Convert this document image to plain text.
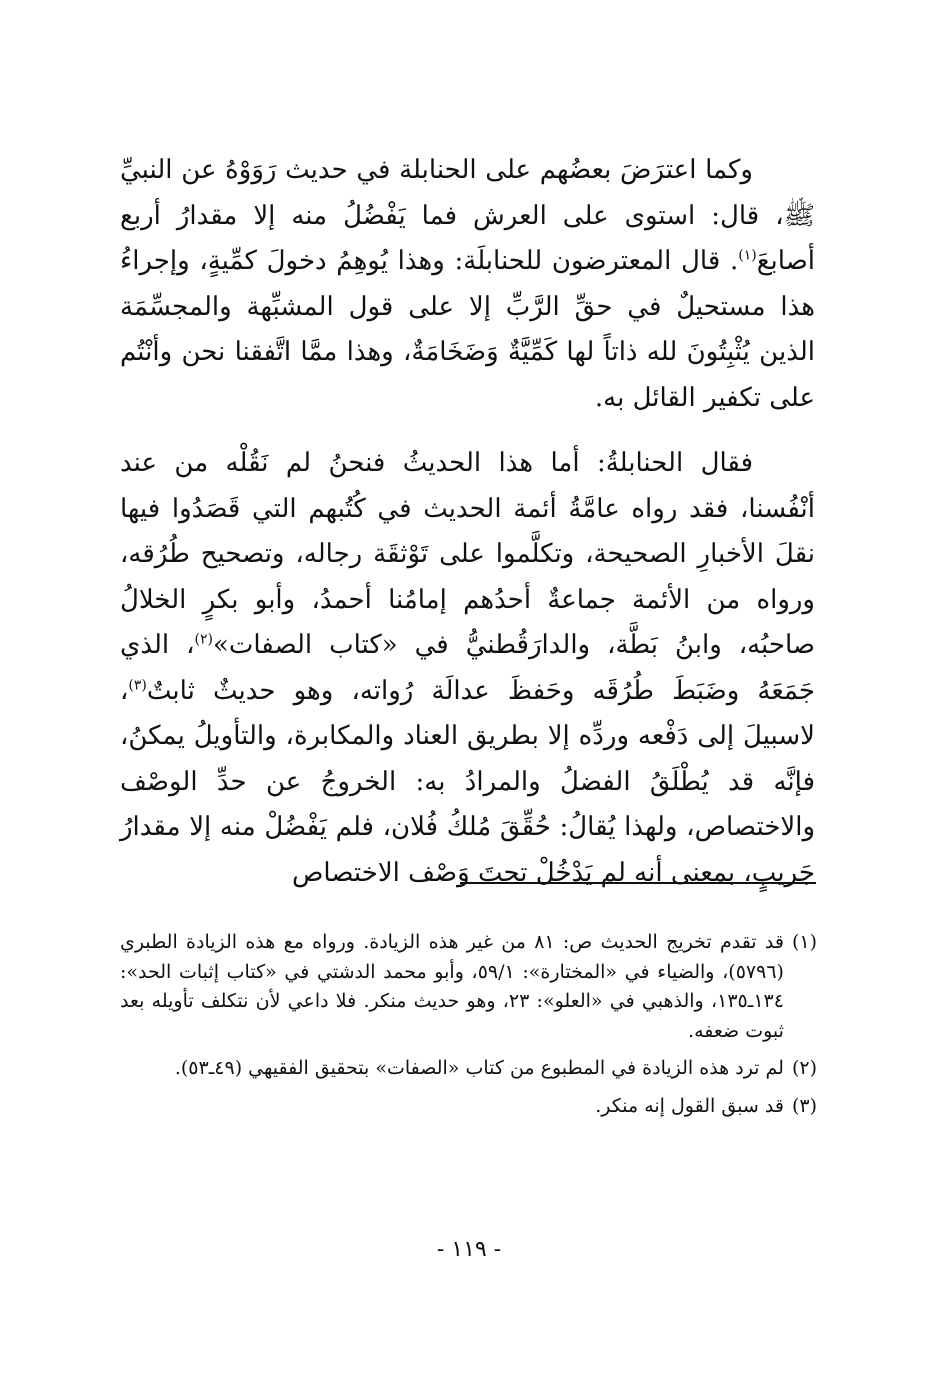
وكما اعترَضَ بعضُهم على الحنابلة في حديث رَوَوْهُ عن النبيِّ ﷺ، قال: استوى على العرش فما يَفْضُلُ منه إلا مقدارُ أربع أصابعَ$^{(١)}$. قال المعترضون للحنابلَة: وهذا يُوهِمُ دخولَ كمِّيةٍ، وإجراءُ هذا مستحيلٌ في حقِّ الرَّبِّ إلا على قول المشبِّهة والمجسِّمَة الذين يُثْبِتُونَ لله ذاتاً لها كَمِّيَّةٌ وَضَخَامَةٌ، وهذا ممَّا اتَّفقنا نحن وأنْتُم على تكفير القائل به.

فقال الحنابلةُ: أما هذا الحديثُ فنحنُ لم نَقُلْه من عند أنْفُسنا، فقد رواه عامَّةُ أئمة الحديث في كُتُبهم التي قَصَدُوا فيها نقلَ الأخبارِ الصحيحة، وتكلَّموا على تَوْثقَة رجاله، وتصحيح طُرُقه، ورواه من الأئمة جماعةٌ أحدُهم إمامُنا أحمدُ، وأبو بكرٍ الخلالُ صاحبُه، وابنُ بَطَّة، والدارَقُطنيُّ في «كتاب الصفات»$^{(٢)}$، الذي جَمَعَهُ وضَبَطَ طُرُقَه وحَفظَ عدالَة رُواته، وهو حديثٌ ثابتٌ$^{(٣)}$، لاسبيلَ إلى دَفْعه وردِّه إلا بطريق العناد والمكابرة، والتأويلُ يمكنُ، فإنَّه قد يُطْلَقُ الفضلُ والمرادُ به: الخروجُ عن حدِّ الوصْف والاختصاص، ولهذا يُقالُ: حُقِّقَ مُلكُ فُلان، فلم يَفْضُلْ منه إلا مقدارُ جَريبٍ، بمعنى أنه لم يَدْخُلْ تحتَ وَصْف الاختصاص

(١)
قد تقدم تخريج الحديث ص: ٨١ من غير هذه الزيادة. ورواه مع هذه الزيادة الطبري (٥٧٩٦)، والضياء في «المختارة»: ٥٩/١، وأبو محمد الدشتي في «كتاب إثبات الحد»: ١٣٤ـ١٣٥، والذهبي في «العلو»: ٢٣، وهو حديث منكر. فلا داعي لأن نتكلف تأويله بعد ثبوت ضعفه.
(٢)
لم ترد هذه الزيادة في المطبوع من كتاب «الصفات» بتحقيق الفقيهي (٤٩ـ٥٣).
(٣)
قد سبق القول إنه منكر.
- ١١٩ -
